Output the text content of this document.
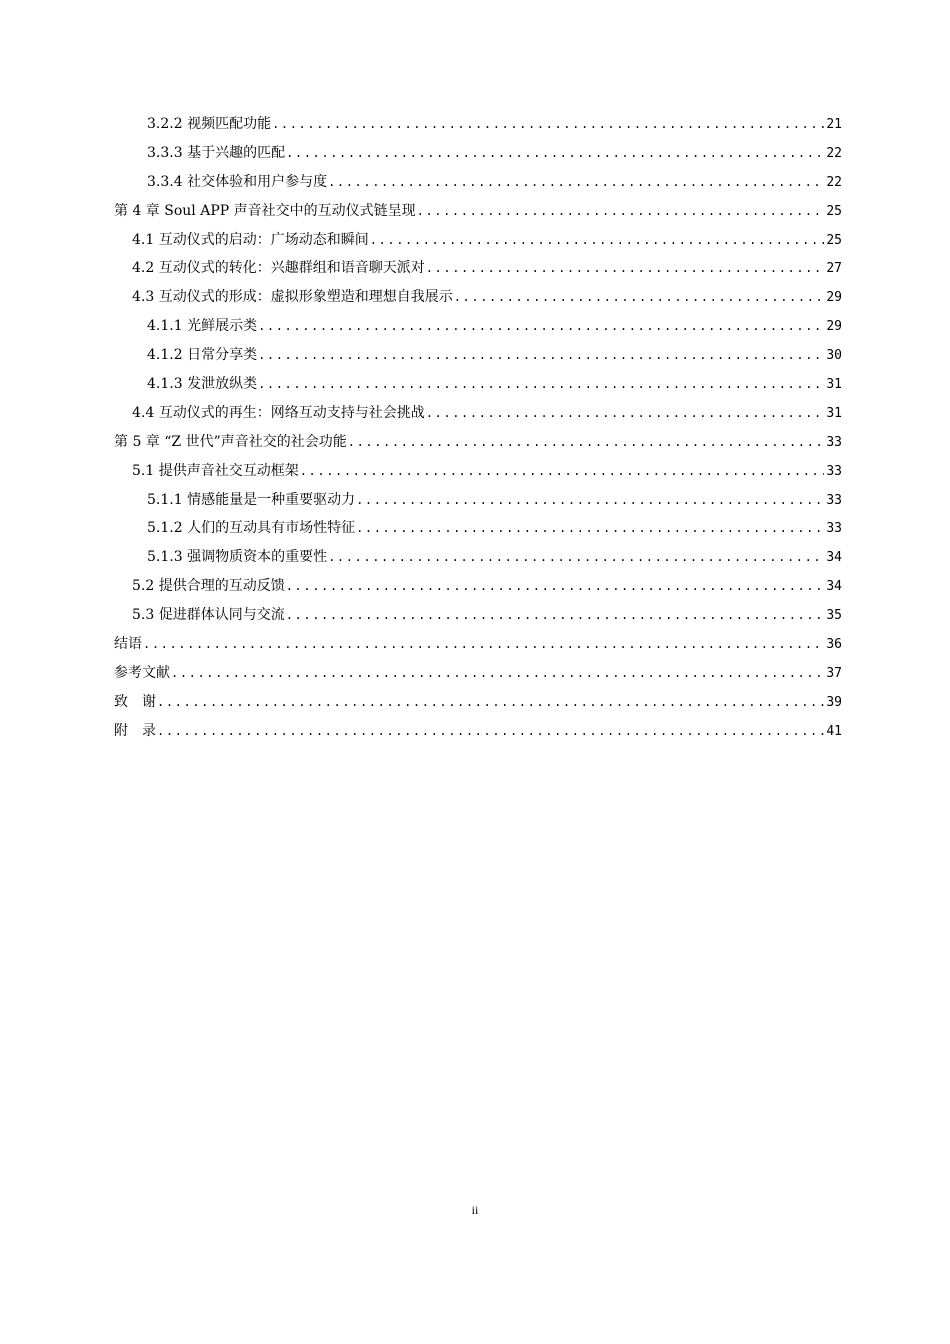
3.2.2 视频匹配功能 .....	21
3.3.3 基于兴趣的匹配 .....	22
3.3.4 社交体验和用户参与度 .....	22
第 4 章 Soul APP 声音社交中的互动仪式链呈现 .....	25
4.1 互动仪式的启动：广场动态和瞬间 .....	25
4.2 互动仪式的转化：兴趣群组和语音聊天派对 .....	27
4.3 互动仪式的形成：虚拟形象塑造和理想自我展示 .....	29
4.1.1 光鲜展示类 .....	29
4.1.2 日常分享类 .....	30
4.1.3 发泄放纵类 .....	31
4.4 互动仪式的再生：网络互动支持与社会挑战 .....	31
第 5 章 “Z 世代”声音社交的社会功能 .....	33
5.1 提供声音社交互动框架 .....	33
5.1.1 情感能量是一种重要驱动力 .....	33
5.1.2 人们的互动具有市场性特征 .....	33
5.1.3 强调物质资本的重要性 .....	34
5.2 提供合理的互动反馈 .....	34
5.3 促进群体认同与交流 .....	35
结语 .....	36
参考文献 .....	37
致　谢 .....	39
附　录 .....	41
ii
